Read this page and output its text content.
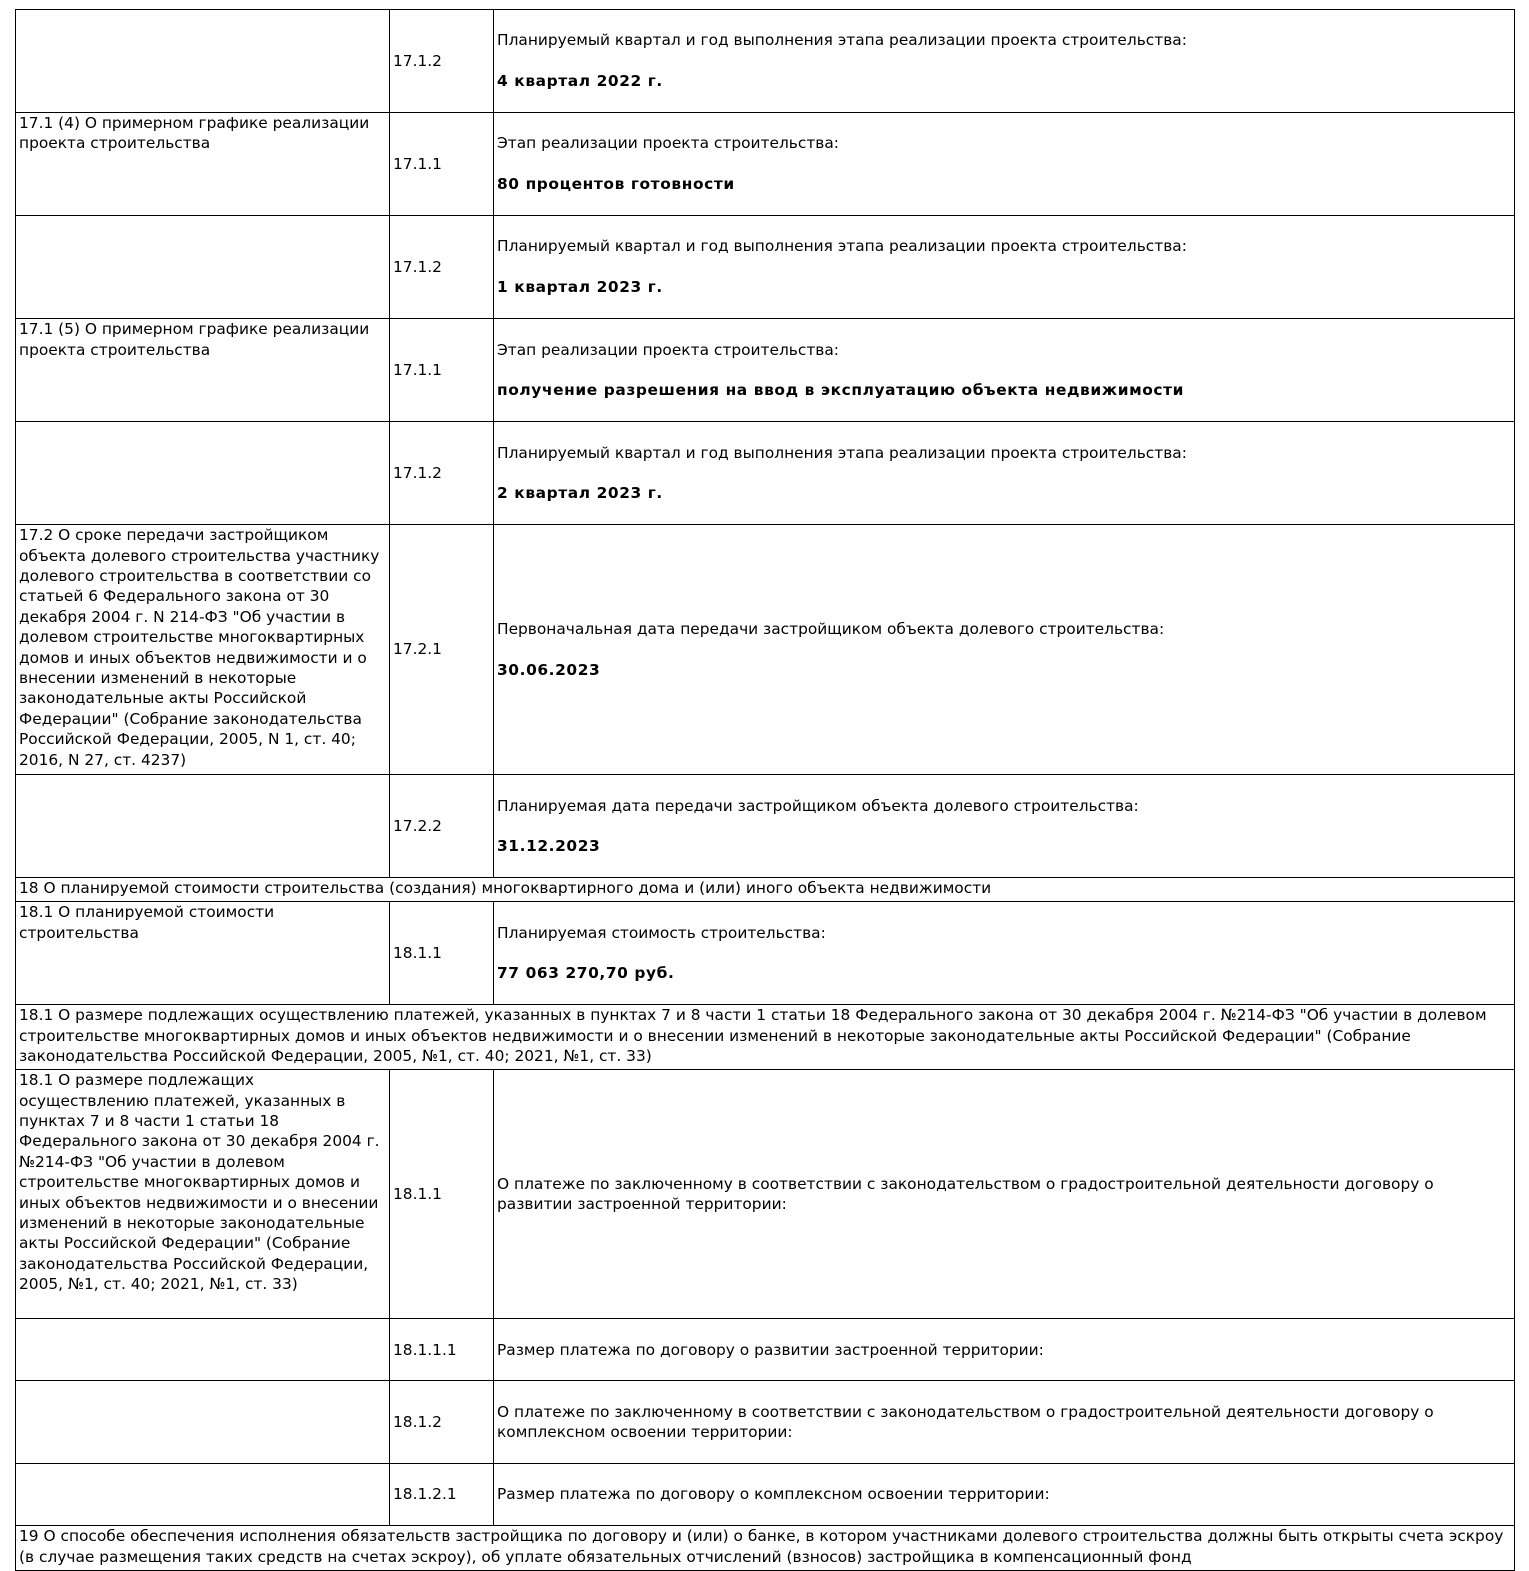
	17.1.2	Планируемый квартал и год выполнения этапа реализации проекта строительства:

4 квартал 2022 г.

17.1 (4) О примерном графике реализации проекта строительства	17.1.1	Этап реализации проекта строительства:

80 процентов готовности

	17.1.2	Планируемый квартал и год выполнения этапа реализации проекта строительства:

1 квартал 2023 г.

17.1 (5) О примерном графике реализации проекта строительства	17.1.1	Этап реализации проекта строительства:

получение разрешения на ввод в эксплуатацию объекта недвижимости

	17.1.2	Планируемый квартал и год выполнения этапа реализации проекта строительства:

2 квартал 2023 г.

17.2 О сроке передачи застройщиком объекта долевого строительства участнику долевого строительства в соответствии со статьей 6 Федерального закона от 30 декабря 2004 г. N 214-ФЗ "Об участии в долевом строительстве многоквартирных домов и иных объектов недвижимости и о внесении изменений в некоторые законодательные акты Российской Федерации" (Собрание законодательства Российской Федерации, 2005, N 1, ст. 40; 2016, N 27, ст. 4237)	17.2.1	Первоначальная дата передачи застройщиком объекта долевого строительства:

30.06.2023

	17.2.2	Планируемая дата передачи застройщиком объекта долевого строительства:

31.12.2023

18 О планируемой стоимости строительства (создания) многоквартирного дома и (или) иного объекта недвижимости		
18.1 О планируемой стоимости строительства	18.1.1	Планируемая стоимость строительства:

77 063 270,70 руб.

18.1 О размере подлежащих осуществлению платежей, указанных в пунктах 7 и 8 части 1 статьи 18 Федерального закона от 30 декабря 2004 г. №214-ФЗ "Об участии в долевом строительстве многоквартирных домов и иных объектов недвижимости и о внесении изменений в некоторые законодательные акты Российской Федерации" (Собрание законодательства Российской Федерации, 2005, №1, ст. 40; 2021, №1, ст. 33)		
18.1 О размере подлежащих осуществлению платежей, указанных в пунктах 7 и 8 части 1 статьи 18 Федерального закона от 30 декабря 2004 г. №214-ФЗ "Об участии в долевом строительстве многоквартирных домов и иных объектов недвижимости и о внесении изменений в некоторые законодательные акты Российской Федерации" (Собрание законодательства Российской Федерации, 2005, №1, ст. 40; 2021, №1, ст. 33)	18.1.1	О платеже по заключенному в соответствии с законодательством о градостроительной деятельности договору о развитии застроенной территории:

	18.1.1.1	Размер платежа по договору о развитии застроенной территории:

	18.1.2	О платеже по заключенному в соответствии с законодательством о градостроительной деятельности договору о комплексном освоении территории:

	18.1.2.1	Размер платежа по договору о комплексном освоении территории:

19 О способе обеспечения исполнения обязательств застройщика по договору и (или) о банке, в котором участниками долевого строительства должны быть открыты счета эскроу (в случае размещения таких средств на счетах эскроу), об уплате обязательных отчислений (взносов) застройщика в компенсационный фонд		
